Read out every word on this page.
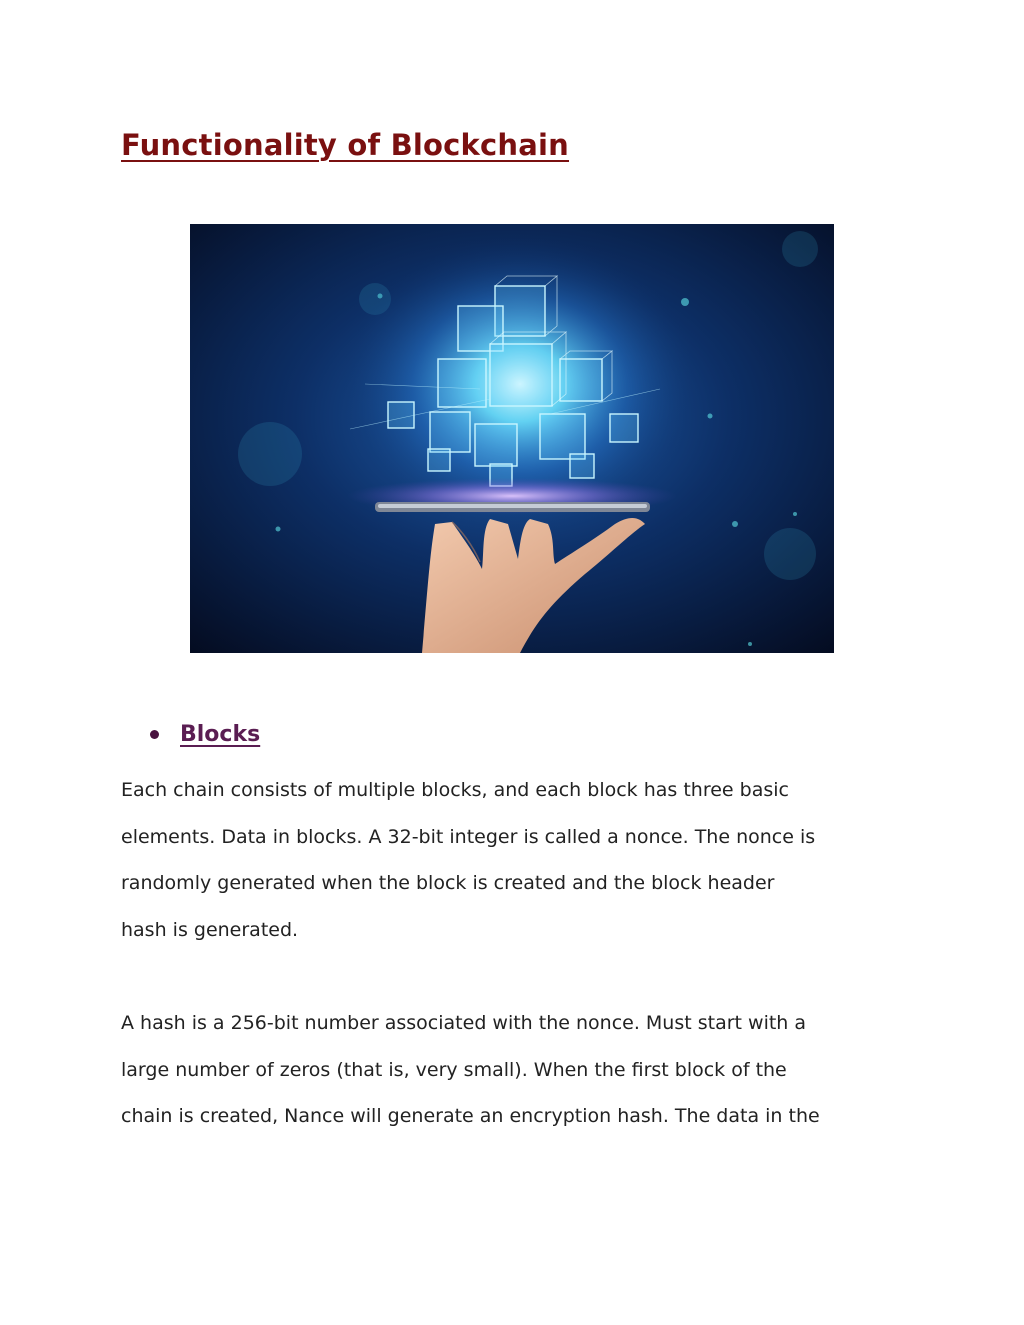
Functionality of Blockchain
Blocks

Each chain consists of multiple blocks, and each block has three basic
elements. Data in blocks. A 32-bit integer is called a nonce. The nonce is
randomly generated when the block is created and the block header
hash is generated.

A hash is a 256-bit number associated with the nonce. Must start with a
large number of zeros (that is, very small). When the first block of the
chain is created, Nance will generate an encryption hash. The data in the
